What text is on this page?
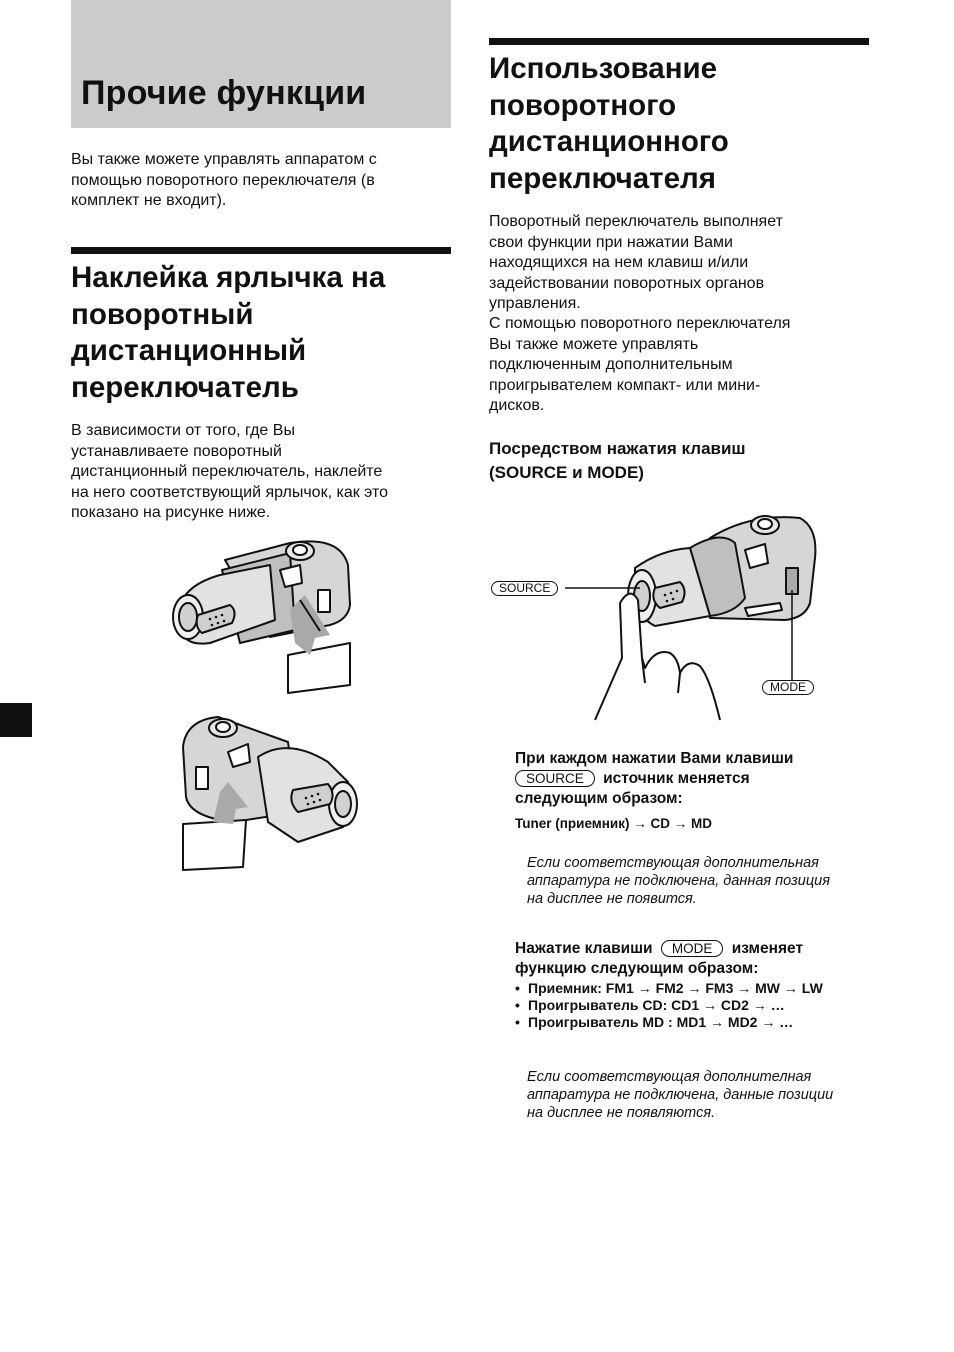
Прочие функции
Вы также можете управлять аппаратом с
помощью поворотного переключателя (в
комплект не входит).
Наклейка ярлычка на
поворотный
дистанционный
переключатель
В зависимости от того, где Вы
устанавливаете поворотный
дистанционный переключатель, наклейте
на него соответствующий ярлычок, как это
показано на рисунке ниже.
Использование
поворотного
дистанционного
переключателя
Поворотный переключатель выполняет
свои функции при нажатии Вами
находящихся на нем клавиш и/или
задействовании поворотных органов
управления.
С помощью поворотного переключателя
Вы также можете управлять
подключенным дополнительным
проигрывателем компакт- или мини-
дисков.
Посредством нажатия клавиш
(SOURCE и MODE)
SOURCE
MODE
При каждом нажатии Вами клавиши
SOURCE источник меняется
следующим образом:
Tuner (приемник) → CD → MD
Если соответствующая дополнительная
аппаратура не подключена, данная позиция
на дисплее не появится.
Нажатие клавиши MODE изменяет
функцию следующим образом:
• Приемник: FM1 → FM2 → FM3 → MW → LW
• Проигрыватель CD: CD1 → CD2 → …
• Проигрыватель MD : MD1 → MD2 → …
Если соответствующая дополнителная
аппаратура не подключена, данные позиции
на дисплее не появляются.
